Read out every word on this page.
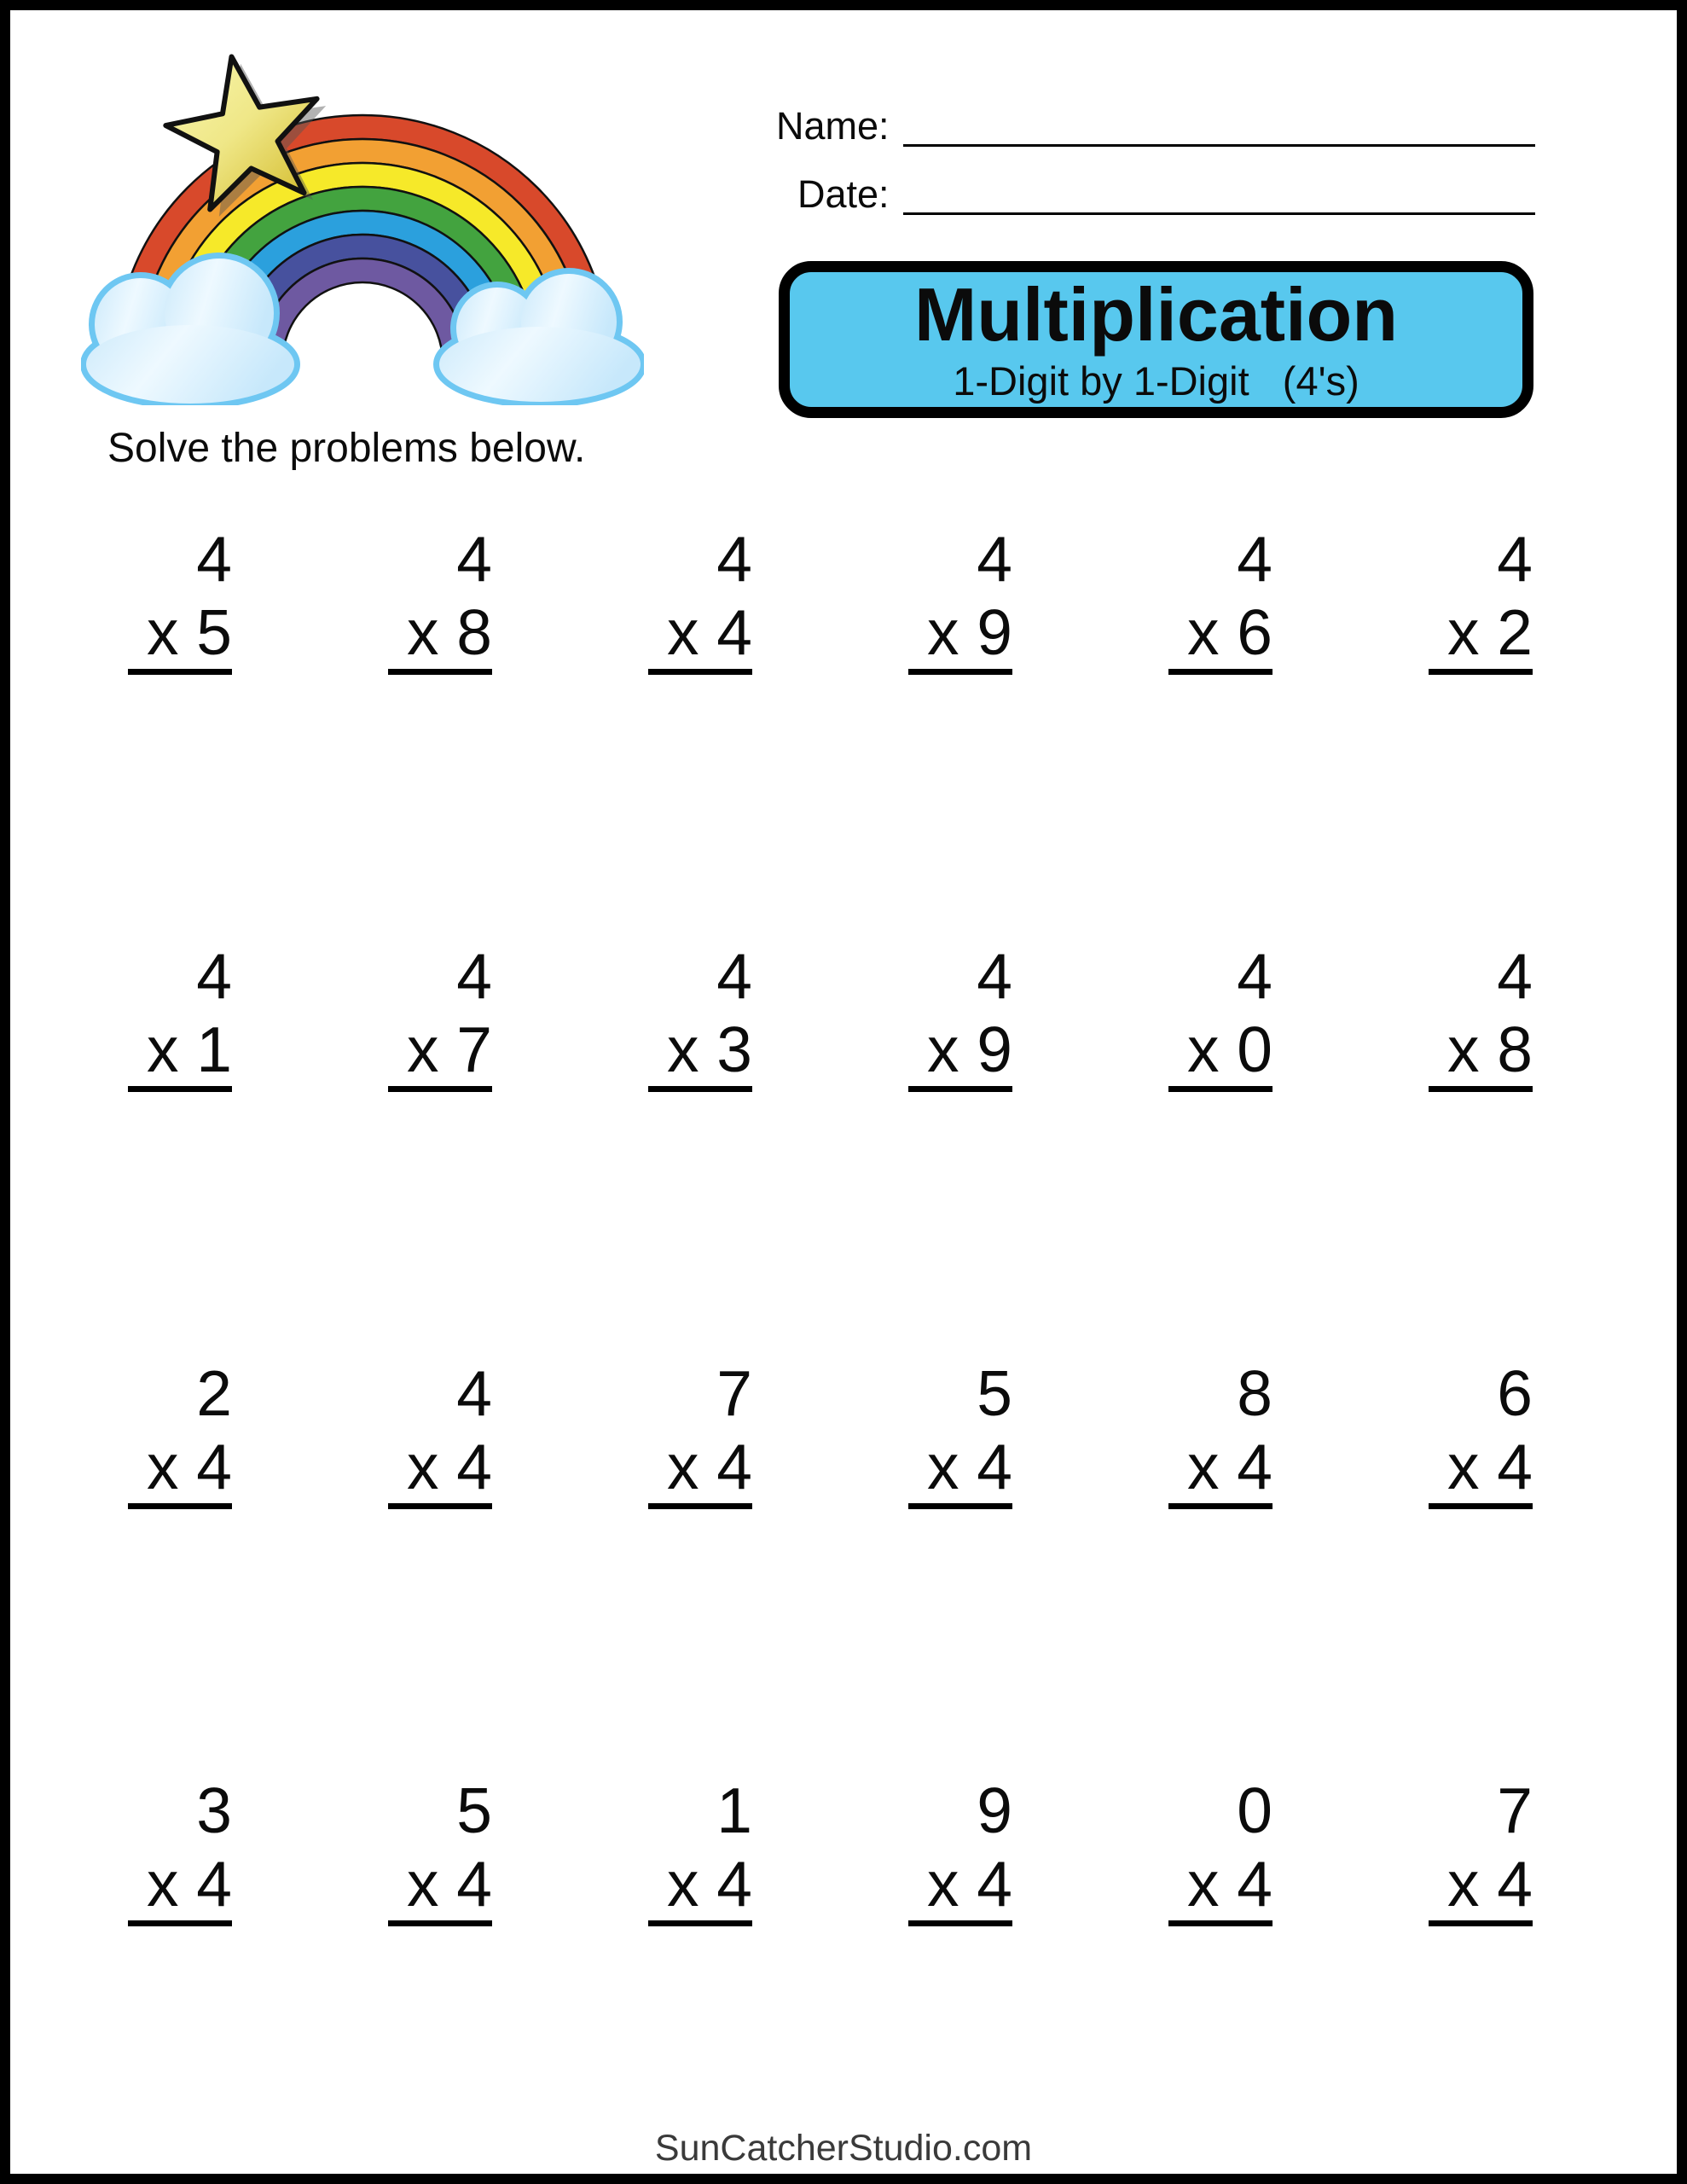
Solve the problems below.
Name:
Date:
Multiplication
1-Digit by 1-Digit   (4's)
4
x 5
4
x 8
4
x 4
4
x 9
4
x 6
4
x 2
4
x 1
4
x 7
4
x 3
4
x 9
4
x 0
4
x 8
2
x 4
4
x 4
7
x 4
5
x 4
8
x 4
6
x 4
3
x 4
5
x 4
1
x 4
9
x 4
0
x 4
7
x 4
SunCatcherStudio.com
